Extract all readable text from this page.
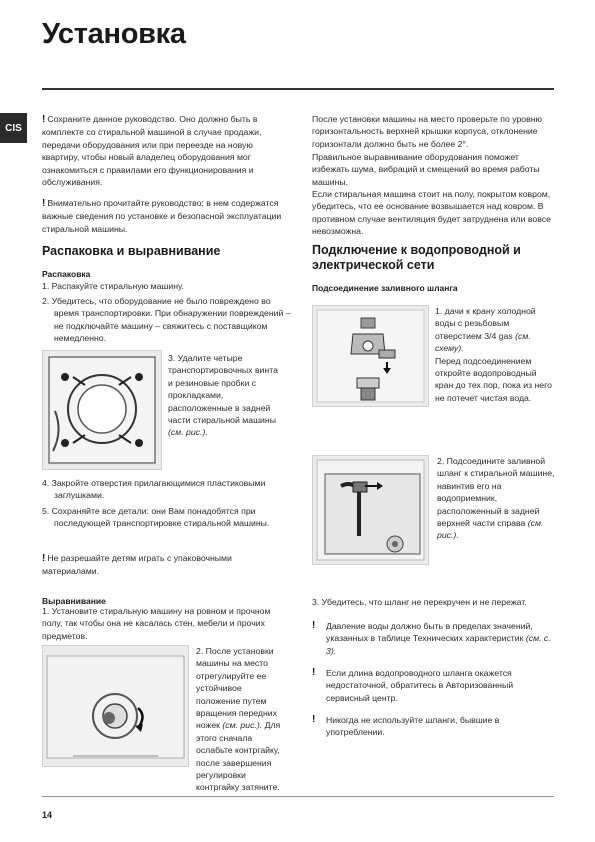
Установка
CIS
! Сохраните данное руководство. Оно должно быть в комплекте со стиральной машиной в случае продажи, передачи оборудования или при переезде на новую квартиру, чтобы новый владелец оборудования мог ознакомиться с правилами его функционирования и обслуживания.
! Внимательно прочитайте руководство: в нем содержатся важные сведения по установке и безопасной эксплуатации стиральной машины.
Распаковка и выравнивание
Распаковка
1. Распакуйте стиральную машину.
2. Убедитесь, что оборудование не было повреждено во время транспортировки. При обнаружении повреждений – не подключайте машину – свяжитесь с поставщиком немедленно.
3. Удалите четыре транспортировочных винта и резиновые пробки с прокладками, расположенные в задней части стиральной машины (см. рис.).
4. Закройте отверстия прилагающимися пластиковыми заглушками.
5. Сохраняйте все детали: они Вам понадобятся при последующей транспортировке стиральной машины.
! Не разрешайте детям играть с упаковочными материалами.
Выравнивание
1. Установите стиральную машину на ровном и прочном полу, так чтобы она не касалась стен, мебели и прочих предметов.
2. После установки машины на место отрегулируйте ее устойчивое положение путем вращения передних ножек (см. рис.). Для этого сначала ослабьте контргайку, после завершения регулировки контргайку затяните.
После установки машины на место проверьте по уровню горизонтальность верхней крышки корпуса, отклонение горизонтали должно быть не более 2°.
Правильное выравнивание оборудования поможет избежать шума, вибраций и смещений во время работы машины.
Если стиральная машина стоит на полу, покрытом ковром, убедитесь, что ее основание возвышается над ковром. В противном случае вентиляция будет затруднена или вовсе невозможна.
Подключение к водопроводной и
электрической сети
Подсоединение заливного шланга
1. дачи к крану холодной воды с резьбовым отверстием 3/4 gas (см. схему).
Перед подсоединением откройте водопроводный кран до тех пор, пока из него не потечет чистая вода.
2. Подсоедините заливной шланг к стиральной машине, навинтив его на водоприемник, расположенный в задней верхней части справа (см. рис.).
3. Убедитесь, что шланг не перекручен и не пережат.
!	Давление воды должно быть в пределах значений, указанных в таблице Технических характеристик (см. с. 3).
!	Если длина водопроводного шланга окажется недостаточной, обратитесь в Авторизованный сервисный центр.
!	Никогда не используйте шланги, бывшие в употреблении.
14
